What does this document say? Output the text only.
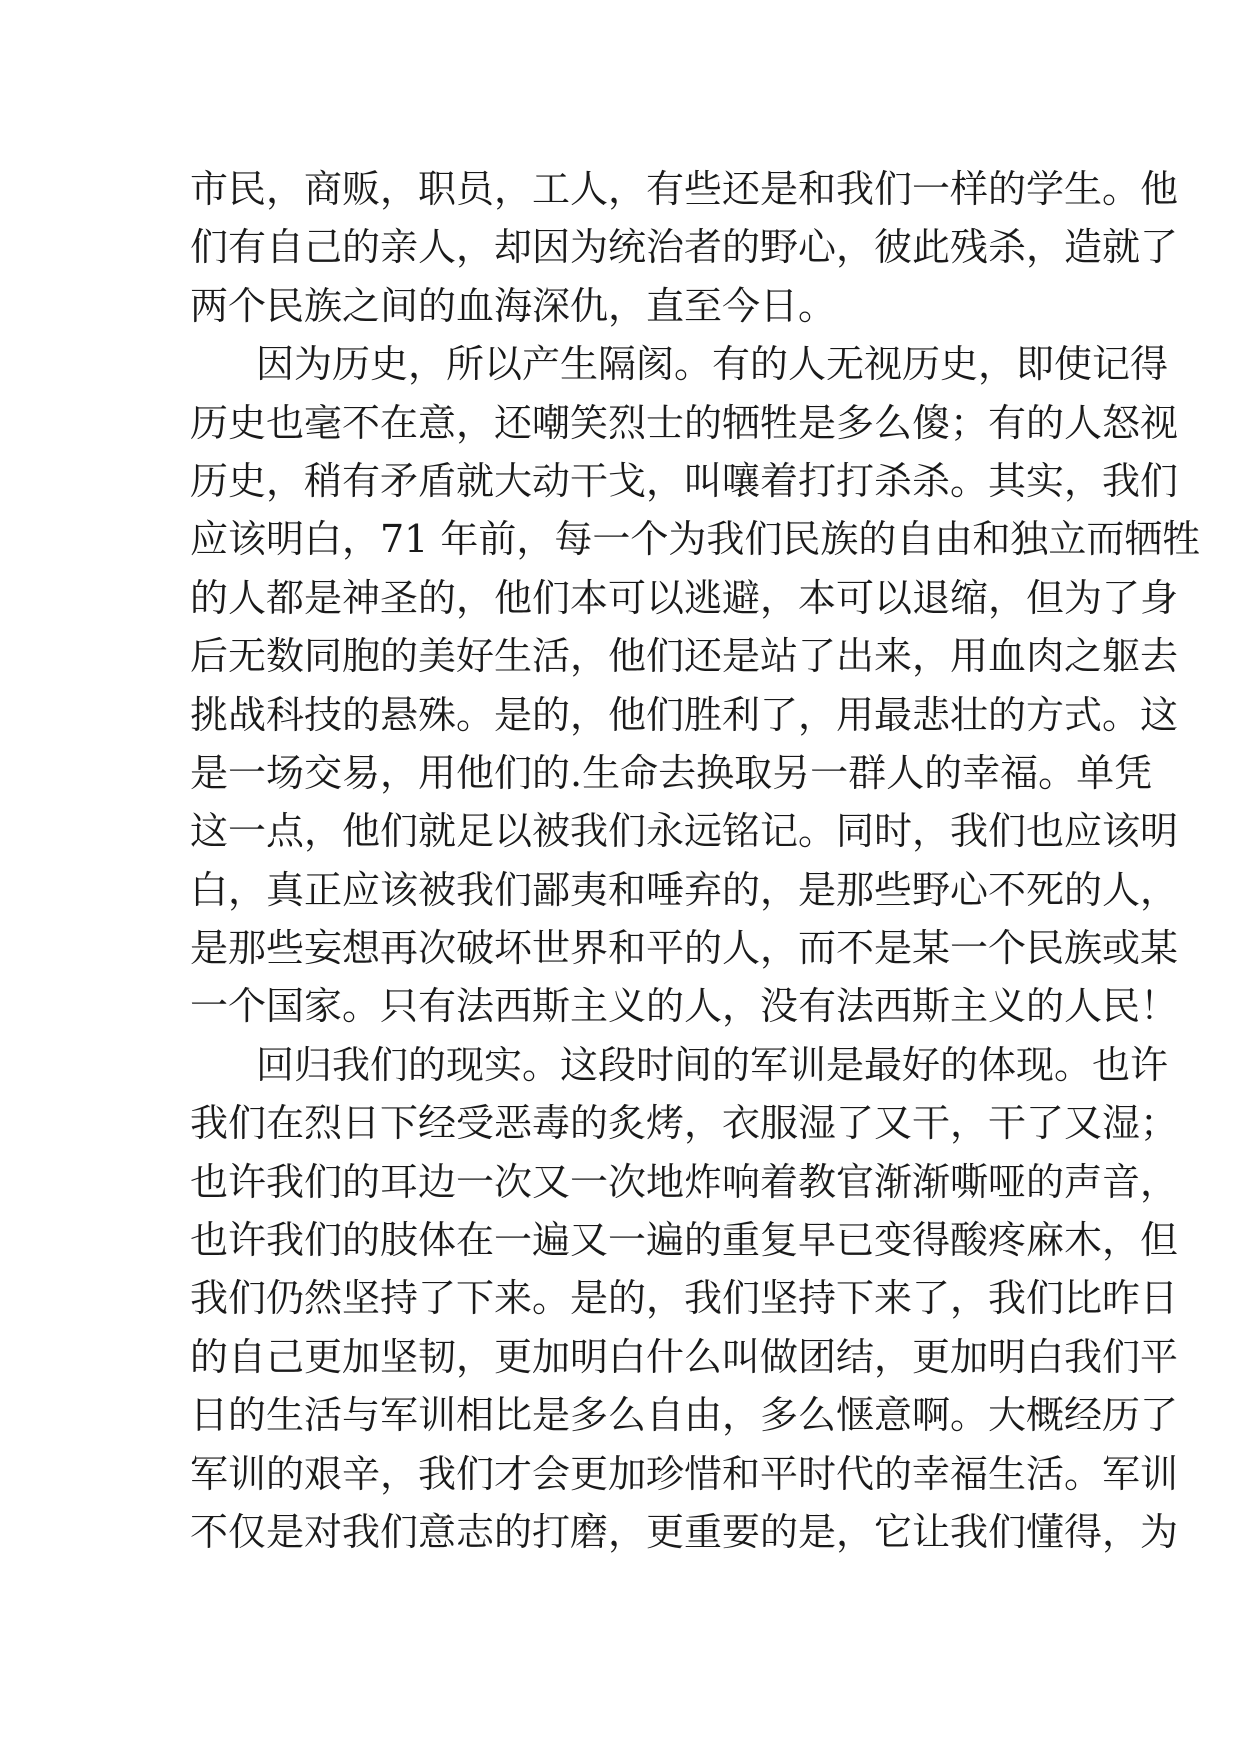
市民，商贩，职员，工人，有些还是和我们一样的学生。他
们有自己的亲人，却因为统治者的野心，彼此残杀，造就了
两个民族之间的血海深仇，直至今日。
因为历史，所以产生隔阂。有的人无视历史，即使记得
历史也毫不在意，还嘲笑烈士的牺牲是多么傻；有的人怒视
历史，稍有矛盾就大动干戈，叫嚷着打打杀杀。其实，我们
应该明白，71 年前，每一个为我们民族的自由和独立而牺牲
的人都是神圣的，他们本可以逃避，本可以退缩，但为了身
后无数同胞的美好生活，他们还是站了出来，用血肉之躯去
挑战科技的悬殊。是的，他们胜利了，用最悲壮的方式。这
是一场交易，用他们的.生命去换取另一群人的幸福。单凭
这一点，他们就足以被我们永远铭记。同时，我们也应该明
白，真正应该被我们鄙夷和唾弃的，是那些野心不死的人，
是那些妄想再次破坏世界和平的人，而不是某一个民族或某
一个国家。只有法西斯主义的人，没有法西斯主义的人民！
回归我们的现实。这段时间的军训是最好的体现。也许
我们在烈日下经受恶毒的炙烤，衣服湿了又干，干了又湿；
也许我们的耳边一次又一次地炸响着教官渐渐嘶哑的声音，
也许我们的肢体在一遍又一遍的重复早已变得酸疼麻木，但
我们仍然坚持了下来。是的，我们坚持下来了，我们比昨日
的自己更加坚韧，更加明白什么叫做团结，更加明白我们平
日的生活与军训相比是多么自由，多么惬意啊。大概经历了
军训的艰辛，我们才会更加珍惜和平时代的幸福生活。军训
不仅是对我们意志的打磨，更重要的是，它让我们懂得，为
